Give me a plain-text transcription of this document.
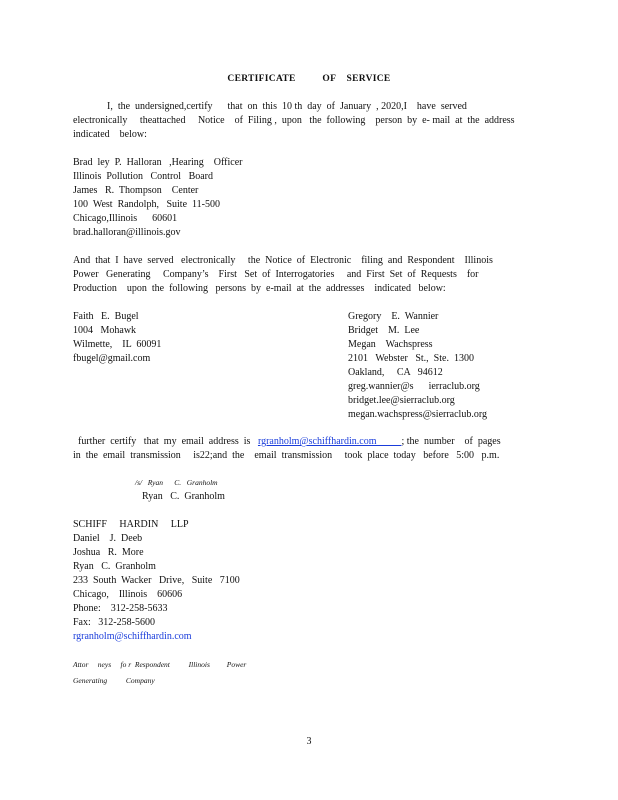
CERTIFICATE          OF    SERVICE
I,  the  undersigned,certify      that  on  this  10 th  day  of  January  , 2020,I    have  served
electronically     theattached     Notice    of  Filing ,  upon   the  following    person  by  e- mail  at  the  address
indicated    below:
Brad  ley  P.  Halloran   ,Hearing    Officer
Illinois  Pollution   Control   Board
James   R.  Thompson    Center
100  West  Randolph,   Suite  11-500
Chicago,Illinois      60601
brad.halloran@illinois.gov
And  that  I  have  served   electronically     the  Notice  of  Electronic    filing  and  Respondent    Illinois
Power   Generating     Company’s    First   Set  of  Interrogatories     and  First  Set  of  Requests    for
Production    upon  the  following   persons  by  e-mail  at  the  addresses    indicated   below:
Faith   E.  Bugel
1004   Mohawk
Wilmette,    IL  60091
fbugel@gmail.com
Gregory    E.  Wannier
Bridget    M.  Lee
Megan    Wachspress
2101   Webster   St.,  Ste.  1300
Oakland,     CA   94612
greg.wannier@s      ierraclub.org
bridget.lee@sierraclub.org
megan.wachspress@sierraclub.org
further  certify   that  my  email  address  is   rgranholm@schiffhardin.com	; the  number    of  pages
in  the  email  transmission     is22;and  the    email  transmission     took  place  today   before   5:00   p.m.
/s/   Ryan      C.   Granholm
Ryan   C.  Granholm
SCHIFF     HARDIN     LLP
Daniel    J.  Deeb
Joshua   R.  More
Ryan   C.  Granholm
233  South  Wacker   Drive,   Suite   7100
Chicago,    Illinois    60606
Phone:    312-258-5633
Fax:   312-258-5600
rgranholm@schiffhardin.com
Attor     neys     fo r  Respondent          Illinois         Power
Generating          Company
3
